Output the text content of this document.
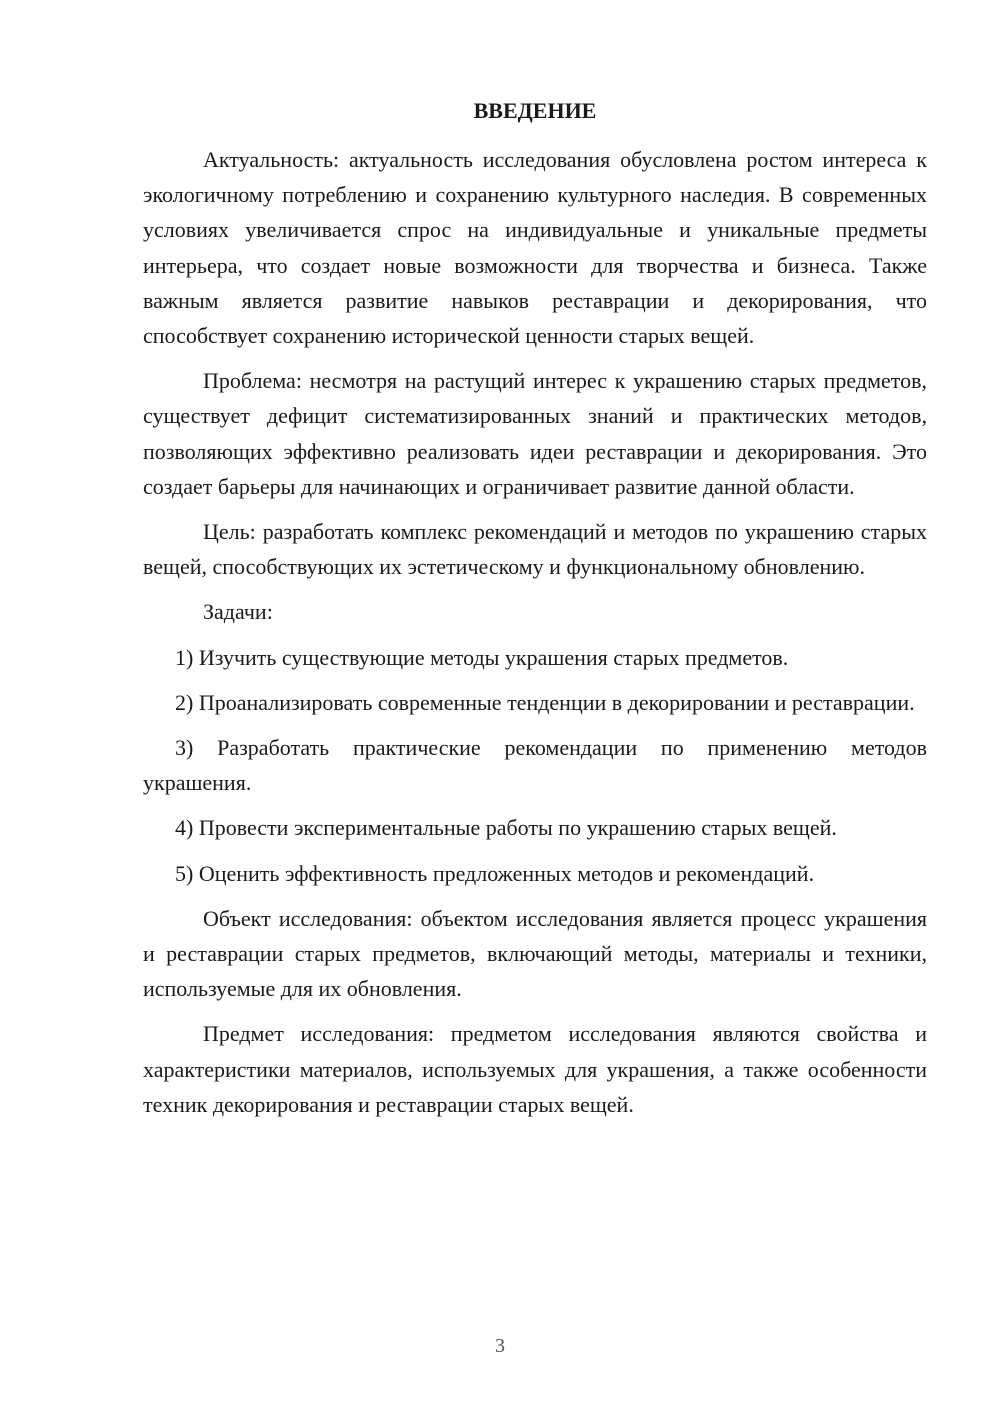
ВВЕДЕНИЕ

Актуальность: актуальность исследования обусловлена ростом интереса к экологичному потреблению и сохранению культурного наследия. В современных условиях увеличивается спрос на индивидуальные и уникальные предметы интерьера, что создает новые возможности для творчества и бизнеса. Также важным является развитие навыков реставрации и декорирования, что способствует сохранению исторической ценности старых вещей.

Проблема: несмотря на растущий интерес к украшению старых предметов, существует дефицит систематизированных знаний и практических методов, позволяющих эффективно реализовать идеи реставрации и декорирования. Это создает барьеры для начинающих и ограничивает развитие данной области.

Цель: разработать комплекс рекомендаций и методов по украшению старых вещей, способствующих их эстетическому и функциональному обновлению.

Задачи:

1) Изучить существующие методы украшения старых предметов.

2) Проанализировать современные тенденции в декорировании и реставрации.

3) Разработать практические рекомендации по применению методов украшения.

4) Провести экспериментальные работы по украшению старых вещей.

5) Оценить эффективность предложенных методов и рекомендаций.

Объект исследования: объектом исследования является процесс украшения и реставрации старых предметов, включающий методы, материалы и техники, используемые для их обновления.

Предмет исследования: предметом исследования являются свойства и характеристики материалов, используемых для украшения, а также особенности техник декорирования и реставрации старых вещей.

3
